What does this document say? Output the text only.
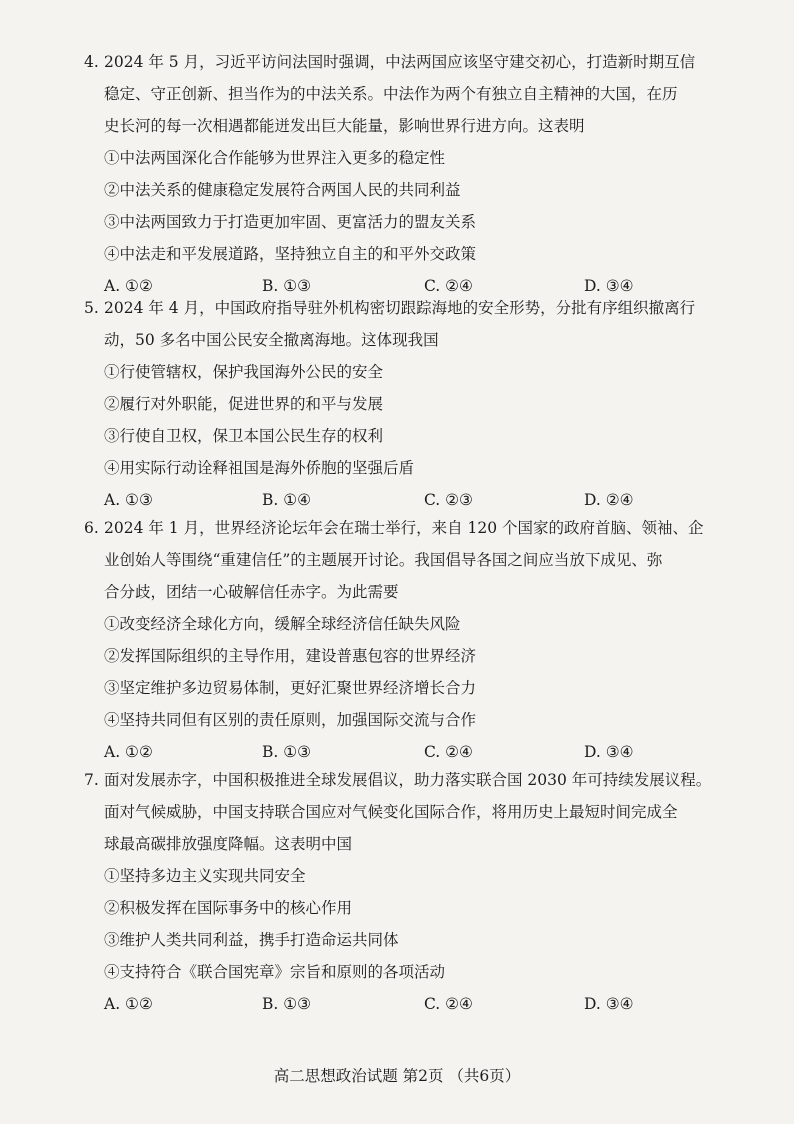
4. 2024 年 5 月，习近平访问法国时强调，中法两国应该坚守建交初心，打造新时期互信
稳定、守正创新、担当作为的中法关系。中法作为两个有独立自主精神的大国，在历
史长河的每一次相遇都能迸发出巨大能量，影响世界行进方向。这表明
①中法两国深化合作能够为世界注入更多的稳定性
②中法关系的健康稳定发展符合两国人民的共同利益
③中法两国致力于打造更加牢固、更富活力的盟友关系
④中法走和平发展道路，坚持独立自主的和平外交政策
A. ①②	B. ①③	C. ②④	D. ③④
5. 2024 年 4 月，中国政府指导驻外机构密切跟踪海地的安全形势，分批有序组织撤离行
动，50 多名中国公民安全撤离海地。这体现我国
①行使管辖权，保护我国海外公民的安全
②履行对外职能，促进世界的和平与发展
③行使自卫权，保卫本国公民生存的权利
④用实际行动诠释祖国是海外侨胞的坚强后盾
A. ①③	B. ①④	C. ②③	D. ②④
6. 2024 年 1 月，世界经济论坛年会在瑞士举行，来自 120 个国家的政府首脑、领袖、企
业创始人等围绕“重建信任”的主题展开讨论。我国倡导各国之间应当放下成见、弥
合分歧，团结一心破解信任赤字。为此需要
①改变经济全球化方向，缓解全球经济信任缺失风险
②发挥国际组织的主导作用，建设普惠包容的世界经济
③坚定维护多边贸易体制，更好汇聚世界经济增长合力
④坚持共同但有区别的责任原则，加强国际交流与合作
A. ①②	B. ①③	C. ②④	D. ③④
7. 面对发展赤字，中国积极推进全球发展倡议，助力落实联合国 2030 年可持续发展议程。
面对气候威胁，中国支持联合国应对气候变化国际合作，将用历史上最短时间完成全
球最高碳排放强度降幅。这表明中国
①坚持多边主义实现共同安全
②积极发挥在国际事务中的核心作用
③维护人类共同利益，携手打造命运共同体
④支持符合《联合国宪章》宗旨和原则的各项活动
A. ①②	B. ①③	C. ②④	D. ③④
高二思想政治试题 第2页 （共6页）
